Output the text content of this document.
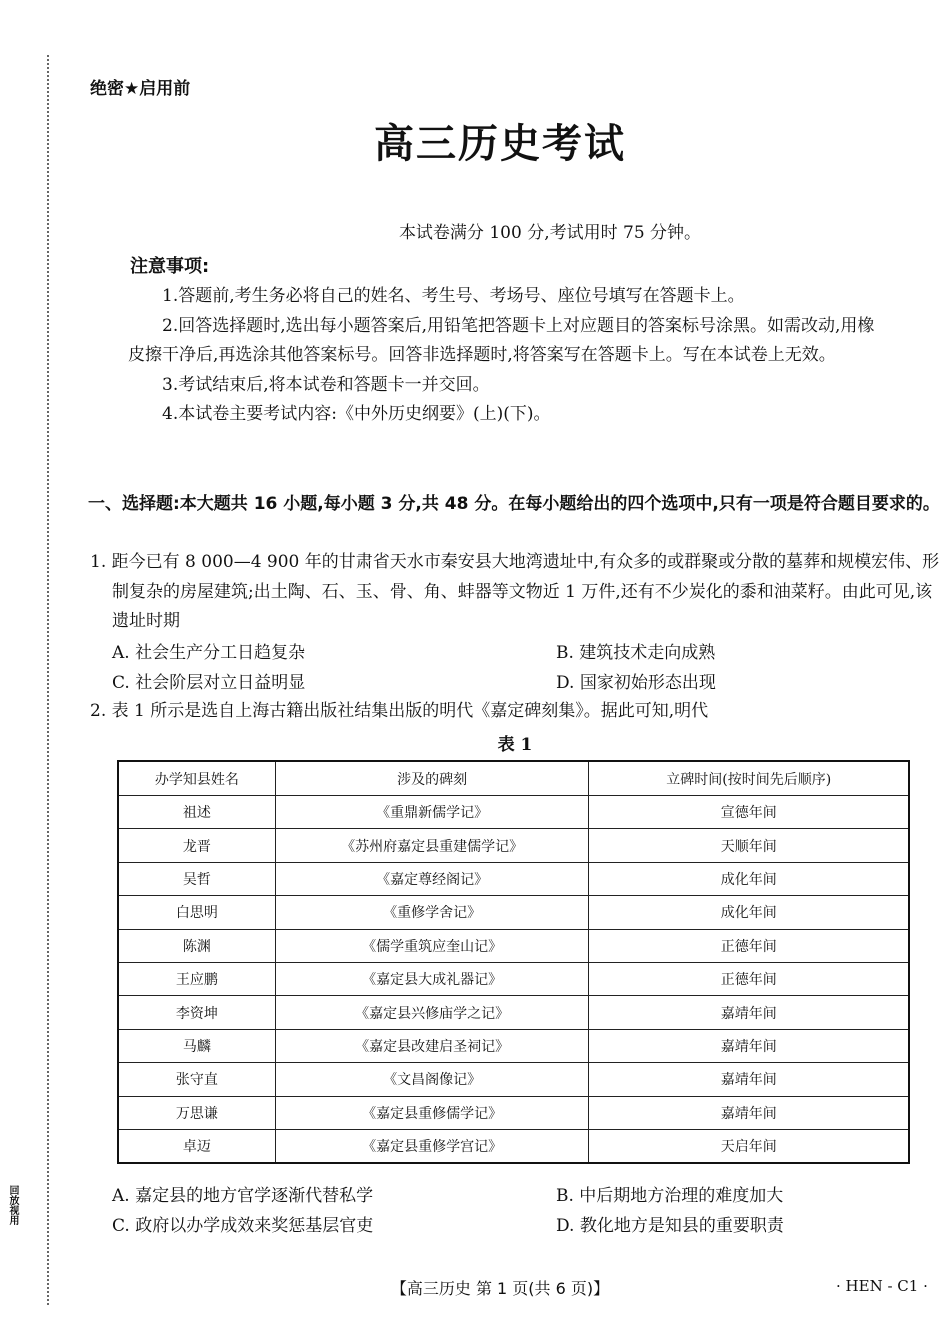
回放视用
绝密★启用前
高三历史考试
本试卷满分 100 分,考试用时 75 分钟。
注意事项:

1.答题前,考生务必将自己的姓名、考生号、考场号、座位号填写在答题卡上。

2.回答选择题时,选出每小题答案后,用铅笔把答题卡上对应题目的答案标号涂黑。如需改动,用橡皮擦干净后,再选涂其他答案标号。回答非选择题时,将答案写在答题卡上。写在本试卷上无效。

3.考试结束后,将本试卷和答题卡一并交回。

4.本试卷主要考试内容:《中外历史纲要》(上)(下)。

一、选择题:本大题共 16 小题,每小题 3 分,共 48 分。在每小题给出的四个选项中,只有一项是符合题目要求的。
1. 距今已有 8 000—4 900 年的甘肃省天水市秦安县大地湾遗址中,有众多的或群聚或分散的墓葬和规模宏伟、形制复杂的房屋建筑;出土陶、石、玉、骨、角、蚌器等文物近 1 万件,还有不少炭化的黍和油菜籽。由此可见,该遗址时期
A. 社会生产分工日趋复杂	B. 建筑技术走向成熟
C. 社会阶层对立日益明显	D. 国家初始形态出现
2. 表 1 所示是选自上海古籍出版社结集出版的明代《嘉定碑刻集》。据此可知,明代
表 1
办学知县姓名	涉及的碑刻	立碑时间(按时间先后顺序)
祖述	《重鼎新儒学记》	宣德年间
龙晋	《苏州府嘉定县重建儒学记》	天顺年间
吴哲	《嘉定尊经阁记》	成化年间
白思明	《重修学舍记》	成化年间
陈渊	《儒学重筑应奎山记》	正德年间
王应鹏	《嘉定县大成礼器记》	正德年间
李资坤	《嘉定县兴修庙学之记》	嘉靖年间
马麟	《嘉定县改建启圣祠记》	嘉靖年间
张守直	《文昌阁像记》	嘉靖年间
万思谦	《嘉定县重修儒学记》	嘉靖年间
卓迈	《嘉定县重修学宫记》	天启年间
A. 嘉定县的地方官学逐渐代替私学	B. 中后期地方治理的难度加大
C. 政府以办学成效来奖惩基层官吏	D. 教化地方是知县的重要职责
【高三历史 第 1 页(共 6 页)】	· HEN - C1 ·
